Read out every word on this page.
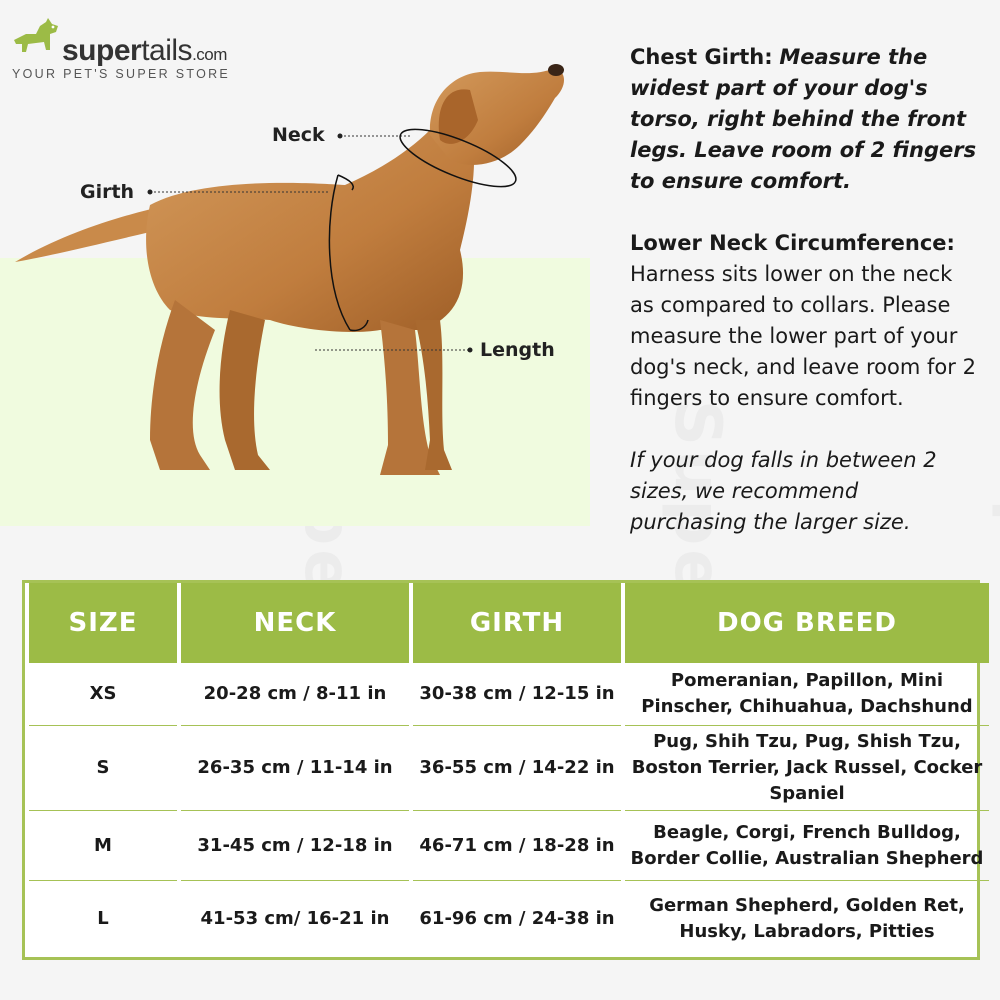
supertails.com
YOUR PET'S SUPER STORE
Neck
Girth
Length

Chest Girth: Measure the widest part of your dog's torso, right behind the front legs. Leave room of 2 fingers to ensure comfort.

Lower Neck Circumference: Harness sits lower on the neck as compared to collars. Please measure the lower part of your dog's neck, and leave room for 2 fingers to ensure comfort.

If your dog falls in between 2 sizes, we recommend purchasing the larger size.

SIZE	NECK	GIRTH	DOG BREED
XS	20-28 cm / 8-11 in	30-38 cm / 12-15 in	Pomeranian, Papillon, Mini Pinscher, Chihuahua, Dachshund
S	26-35 cm / 11-14 in	36-55 cm / 14-22 in	Pug, Shih Tzu, Pug, Shish Tzu, Boston Terrier, Jack Russel, Cocker Spaniel
M	31-45 cm / 12-18 in	46-71 cm / 18-28 in	Beagle, Corgi, French Bulldog, Border Collie, Australian Shepherd
L	41-53 cm/ 16-21 in	61-96 cm / 24-38 in	German Shepherd, Golden Ret, Husky, Labradors, Pitties
